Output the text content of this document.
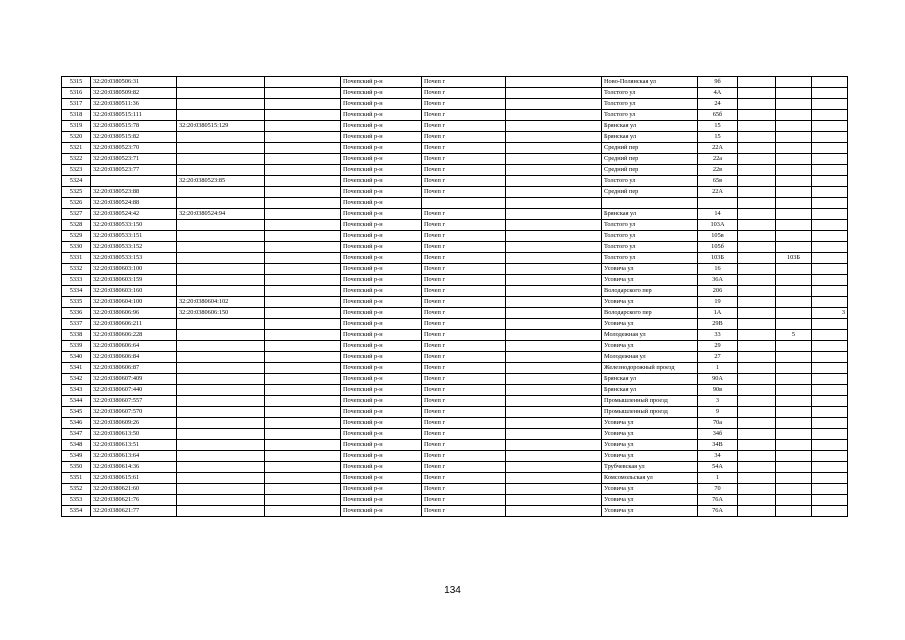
5315	32:20:0380506:31			Почепский р-н	Почеп г		Ново-Полянская ул	9б			
5316	32:20:0380509:82			Почепский р-н	Почеп г		Толстого ул	4А			
5317	32:20:0380511:36			Почепский р-н	Почеп г		Толстого ул	24			
5318	32:20:0380515:111			Почепский р-н	Почеп г		Толстого ул	65б			
5319	32:20:0380515:78	32:20:0380515:129		Почепский р-н	Почеп г		Брянская ул	15			
5320	32:20:0380515:82			Почепский р-н	Почеп г		Брянская ул	15			
5321	32:20:0380523:70			Почепский р-н	Почеп г		Средний пер	22А			
5322	32:20:0380523:71			Почепский р-н	Почеп г		Средний пер	22а			
5323	32:20:0380523:77			Почепский р-н	Почеп г		Средний пер	22в			
5324		32:20:0380523:85		Почепский р-н	Почеп г		Толстого ул	65в			
5325	32:20:0380523:88			Почепский р-н	Почеп г		Средний пер	22А			
5326	32:20:0380524:88			Почепский р-н							
5327	32:20:0380524:42	32:20:0380524:94		Почепский р-н	Почеп г		Брянская ул	14			
5328	32:20:0380533:150			Почепский р-н	Почеп г		Толстого ул	103А			
5329	32:20:0380533:151			Почепский р-н	Почеп г		Толстого ул	105в			
5330	32:20:0380533:152			Почепский р-н	Почеп г		Толстого ул	105б			
5331	32:20:0380533:153			Почепский р-н	Почеп г		Толстого ул	103Б		103Б	
5332	32:20:0380603:100			Почепский р-н	Почеп г		Усовича ул	16			
5333	32:20:0380603:159			Почепский р-н	Почеп г		Усовича ул	36А			
5334	32:20:0380603:160			Почепский р-н	Почеп г		Володарского пер	206			
5335	32:20:0380604:100	32:20:0380604:102		Почепский р-н	Почеп г		Усовича ул	19			
5336	32:20:0380606:96	32:20:0380606:150		Почепский р-н	Почеп г		Володарского пер	1А			3
5337	32:20:0380606:211			Почепский р-н	Почеп г		Усовича ул	29В			
5338	32:20:0380606:228			Почепский р-н	Почеп г		Молодежная ул	33		5	
5339	32:20:0380606:64			Почепский р-н	Почеп г		Усовича ул	29			
5340	32:20:0380606:84			Почепский р-н	Почеп г		Молодежная ул	27			
5341	32:20:0380606:87			Почепский р-н	Почеп г		Железнодорожный проезд	1			
5342	32:20:0380607:409			Почепский р-н	Почеп г		Брянская ул	90А			
5343	32:20:0380607:440			Почепский р-н	Почеп г		Брянская ул	90в			
5344	32:20:0380607:557			Почепский р-н	Почеп г		Промышленный проезд	3			
5345	32:20:0380607:570			Почепский р-н	Почеп г		Промышленный проезд	9			
5346	32:20:0380609:26			Почепский р-н	Почеп г		Усовича ул	70а			
5347	32:20:0380613:50			Почепский р-н	Почеп г		Усовича ул	34б			
5348	32:20:0380613:51			Почепский р-н	Почеп г		Усовича ул	34В			
5349	32:20:0380613:64			Почепский р-н	Почеп г		Усовича ул	34			
5350	32:20:0380614:36			Почепский р-н	Почеп г		Трубчевская ул	54А			
5351	32:20:0380615:61			Почепский р-н	Почеп г		Комсомольская ул	1			
5352	32:20:0380621:60			Почепский р-н	Почеп г		Усовича ул	70			
5353	32:20:0380621:76			Почепский р-н	Почеп г		Усовича ул	76А			
5354	32:20:0380621:77			Почепский р-н	Почеп г		Усовича ул	76А			
134
